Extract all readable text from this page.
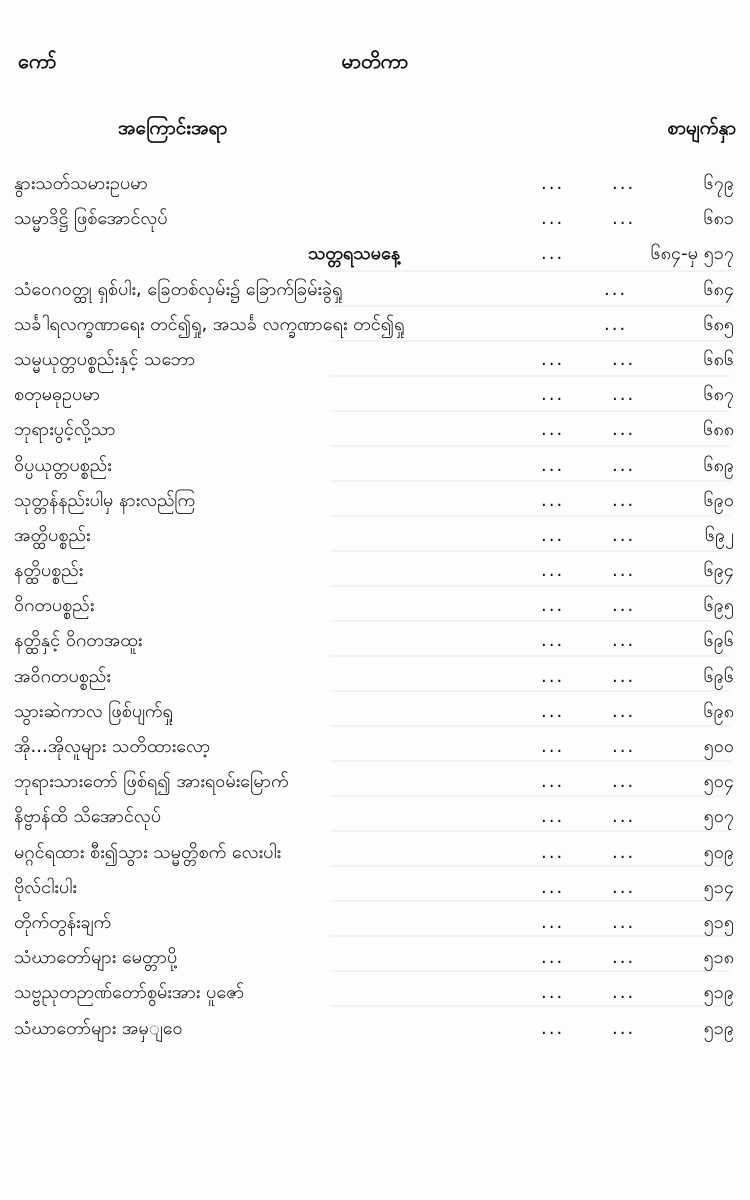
ကော်	မာတိကာ
အကြောင်းအရာ	စာမျက်နှာ
နွားသတ်သမားဥပမာ	...	...	၆၇၉
သမ္မာဒိဋ္ဌိ ဖြစ်အောင်လုပ်	...	...	၆၈၁
သတ္တရသမနေ့	...	၆၈၄-မှ ၅၁၇
သံဝေဂဝတ္ထု ရှစ်ပါး, ခြေတစ်လှမ်း၌ ခြောက်ခြမ်းခွဲရှု	...	၆၈၄
သင်္ခါရလက္ခဏာရေး တင်၍ရှု, အသင်္ခ လက္ခဏာရေး တင်၍ရှု	...	၆၈၅
သမ္မယုတ္တပစ္စည်းနှင့် သဘော	...	...	၆၈၆
စတုမဓုဥပမာ	...	...	၆၈၇
ဘုရားပွင့်လို့သာ	...	...	၆၈၈
ဝိပ္ပယုတ္တပစ္စည်း	...	...	၆၈၉
သုတ္တန်နည်းပါမှ နားလည်ကြ	...	...	၆၉၀
အတ္ထိပစ္စည်း	...	...	၆၉၂
နတ္ထိပစ္စည်း	...	...	၆၉၄
ဝိဂတပစ္စည်း	...	...	၆၉၅
နတ္ထိနှင့် ဝိဂတအထူး	...	...	၆၉၆
အဝိဂတပစ္စည်း	...	...	၆၉၆
သွားဆဲကာလ ဖြစ်ပျက်ရှု	...	...	၆၉၈
အို...အိုလူများ သတိထားလော့	...	...	၅၀၀
ဘုရားသားတော် ဖြစ်ရ၍ အားရဝမ်းမြောက်	...	...	၅၀၄
နိဗ္ဗာန်ထိ သိအောင်လုပ်	...	...	၅၀၇
မဂ္ဂင်ရထား စီး၍သွား သမ္မတ္တိစက် လေးပါး	...	...	၅၀၉
ဗိုလ်ငါးပါး	...	...	၅၁၄
တိုက်တွန်းချက်	...	...	၅၁၅
သံဃာတော်များ မေတ္တာပို့	...	...	၅၁၈
သဗ္ဗညုတဉာဏ်တော်စွမ်းအား ပူဇော်	...	...	၅၁၉
သံဃာတော်များ အမှျဝေ	...	...	၅၁၉
